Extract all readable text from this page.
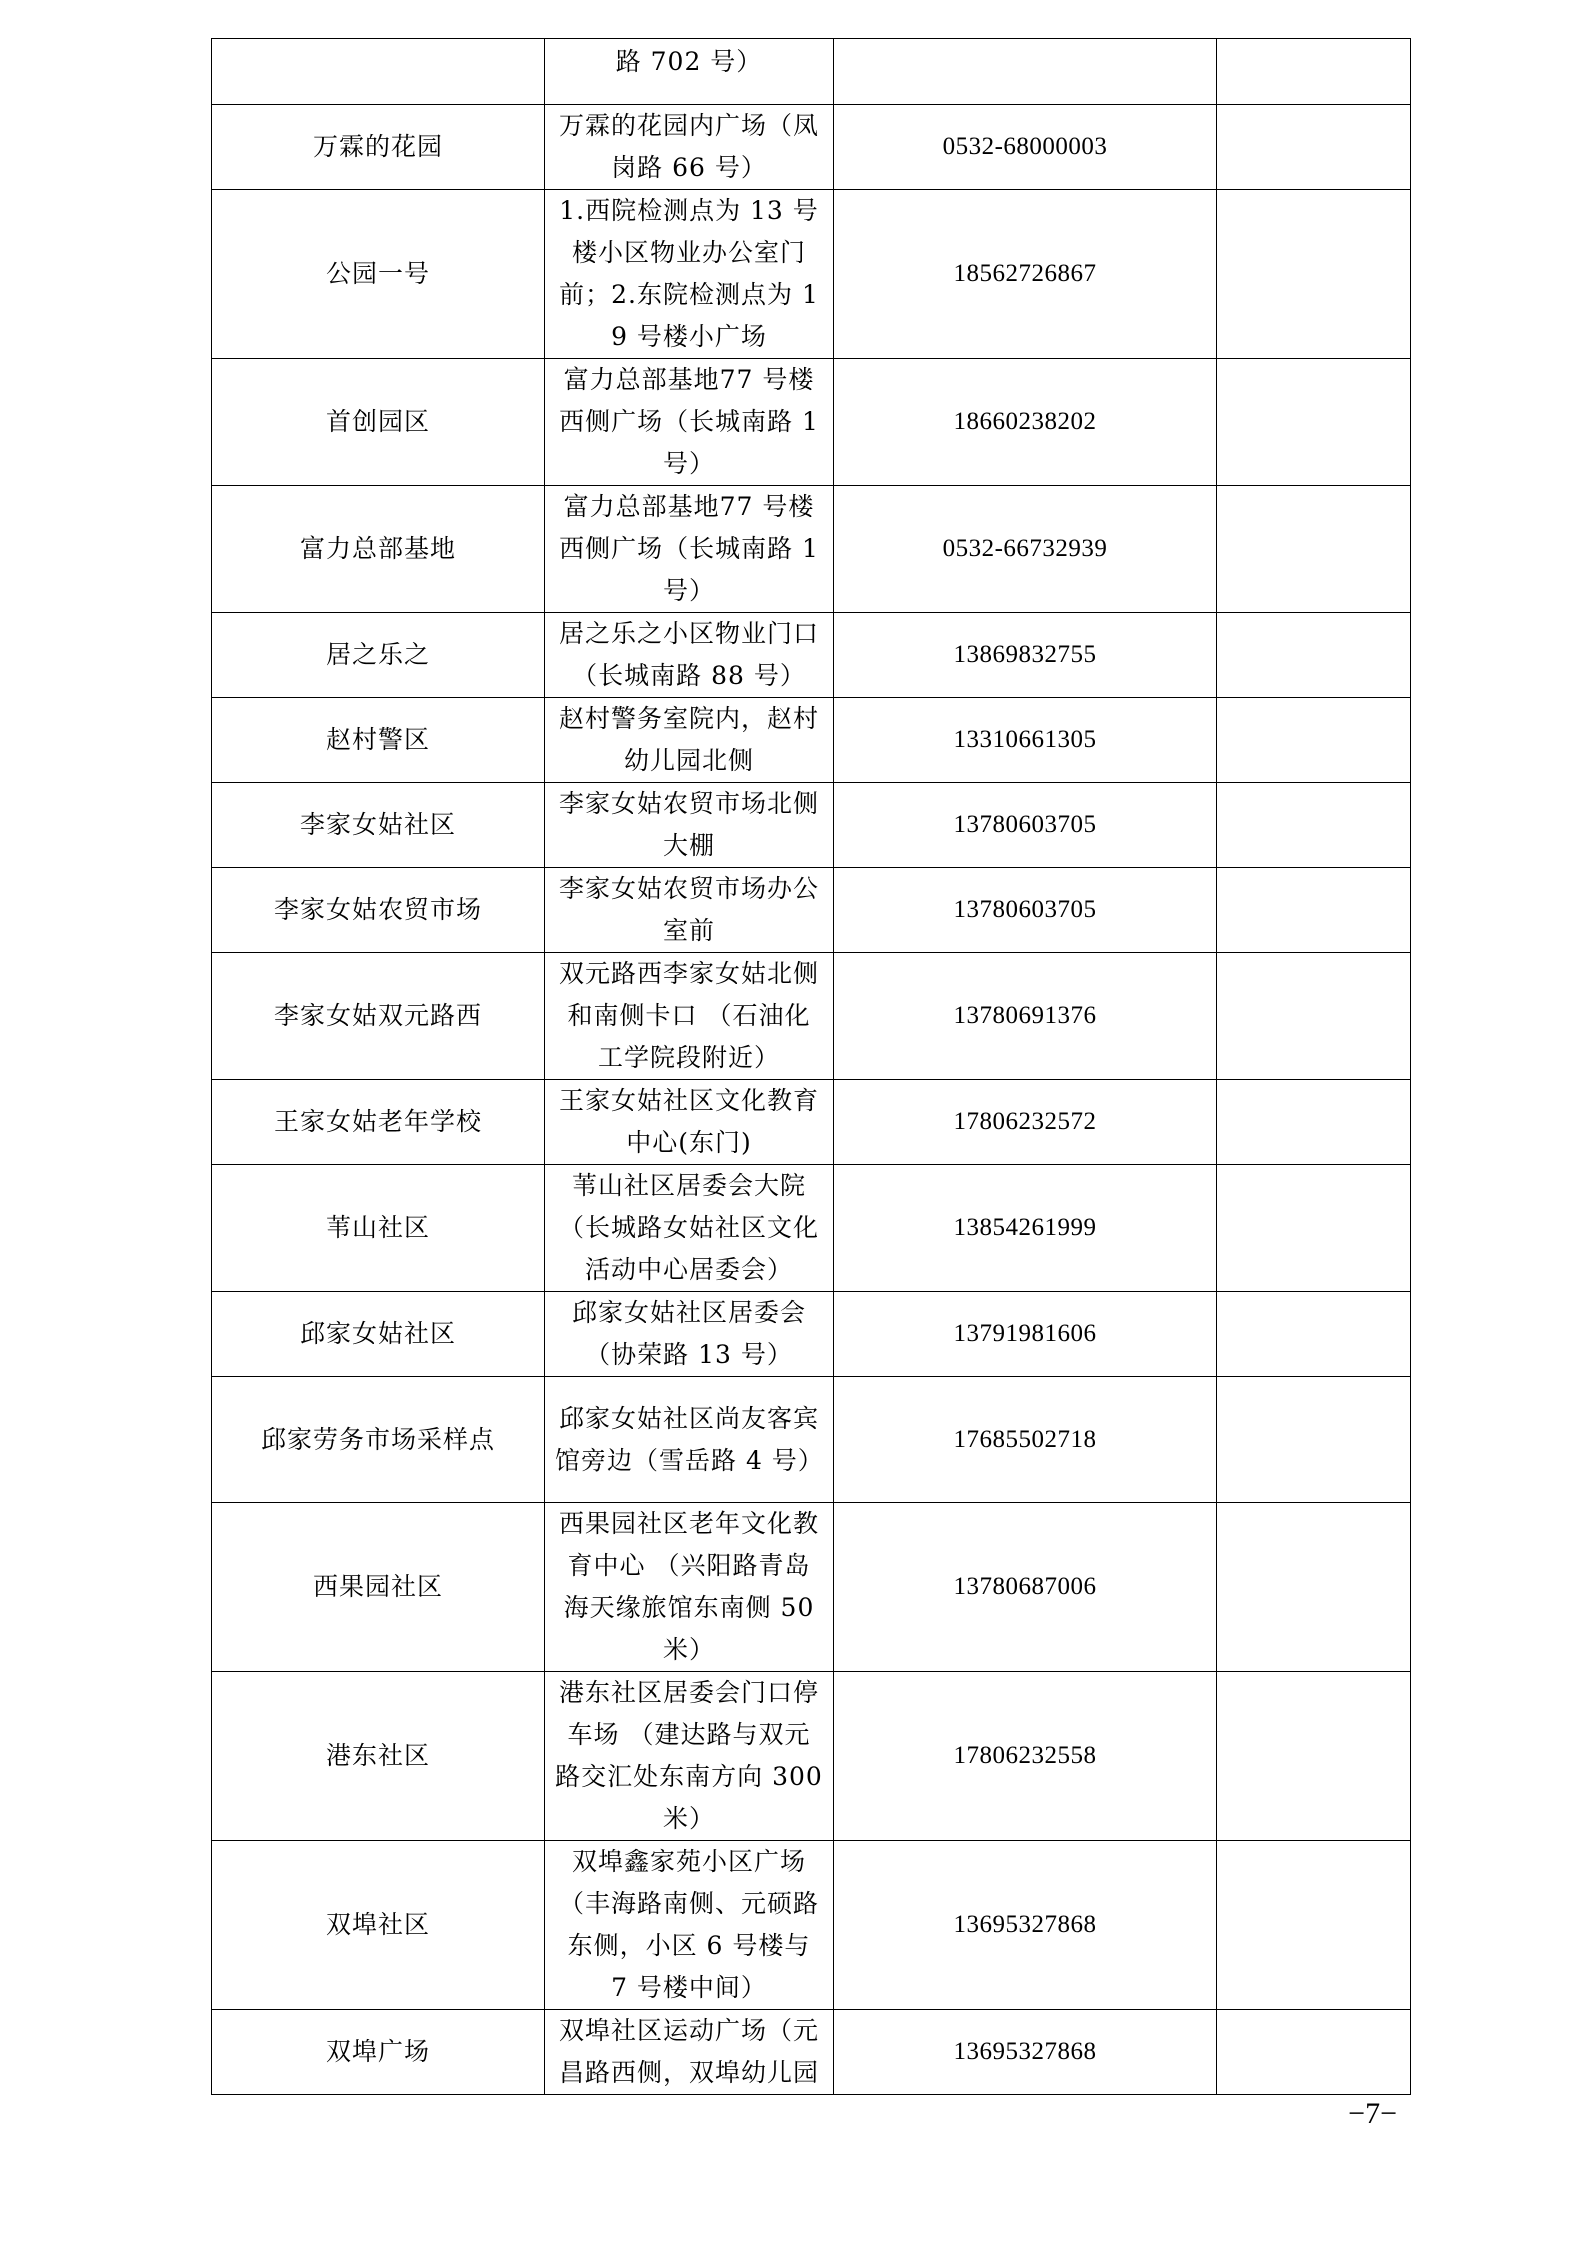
	路 702 号）		
万霖的花园	万霖的花园内广场（凤岗路 66 号）	0532-68000003	
公园一号	1.西院检测点为 13 号楼小区物业办公室门前；2.东院检测点为 19 号楼小广场	18562726867	
首创园区	富力总部基地77 号楼西侧广场（长城南路 1 号）	18660238202	
富力总部基地	富力总部基地77 号楼西侧广场（长城南路 1 号）	0532-66732939	
居之乐之	居之乐之小区物业门口（长城南路 88 号）	13869832755	
赵村警区	赵村警务室院内，赵村幼儿园北侧	13310661305	
李家女姑社区	李家女姑农贸市场北侧大棚	13780603705	
李家女姑农贸市场	李家女姑农贸市场办公室前	13780603705	
李家女姑双元路西	双元路西李家女姑北侧和南侧卡口 （石油化工学院段附近）	13780691376	
王家女姑老年学校	王家女姑社区文化教育中心(东门)	17806232572	
苇山社区	苇山社区居委会大院（长城路女姑社区文化活动中心居委会）	13854261999	
邱家女姑社区	邱家女姑社区居委会（协荣路 13 号）	13791981606	
邱家劳务市场采样点	邱家女姑社区尚友客宾馆旁边（雪岳路 4 号）	17685502718	
西果园社区	西果园社区老年文化教育中心 （兴阳路青岛海天缘旅馆东南侧 50 米）	13780687006	
港东社区	港东社区居委会门口停车场 （建达路与双元路交汇处东南方向 300 米）	17806232558	
双埠社区	双埠鑫家苑小区广场（丰海路南侧、元硕路东侧，小区 6 号楼与 7 号楼中间）	13695327868	
双埠广场	双埠社区运动广场（元昌路西侧，双埠幼儿园	13695327868	
−7−
